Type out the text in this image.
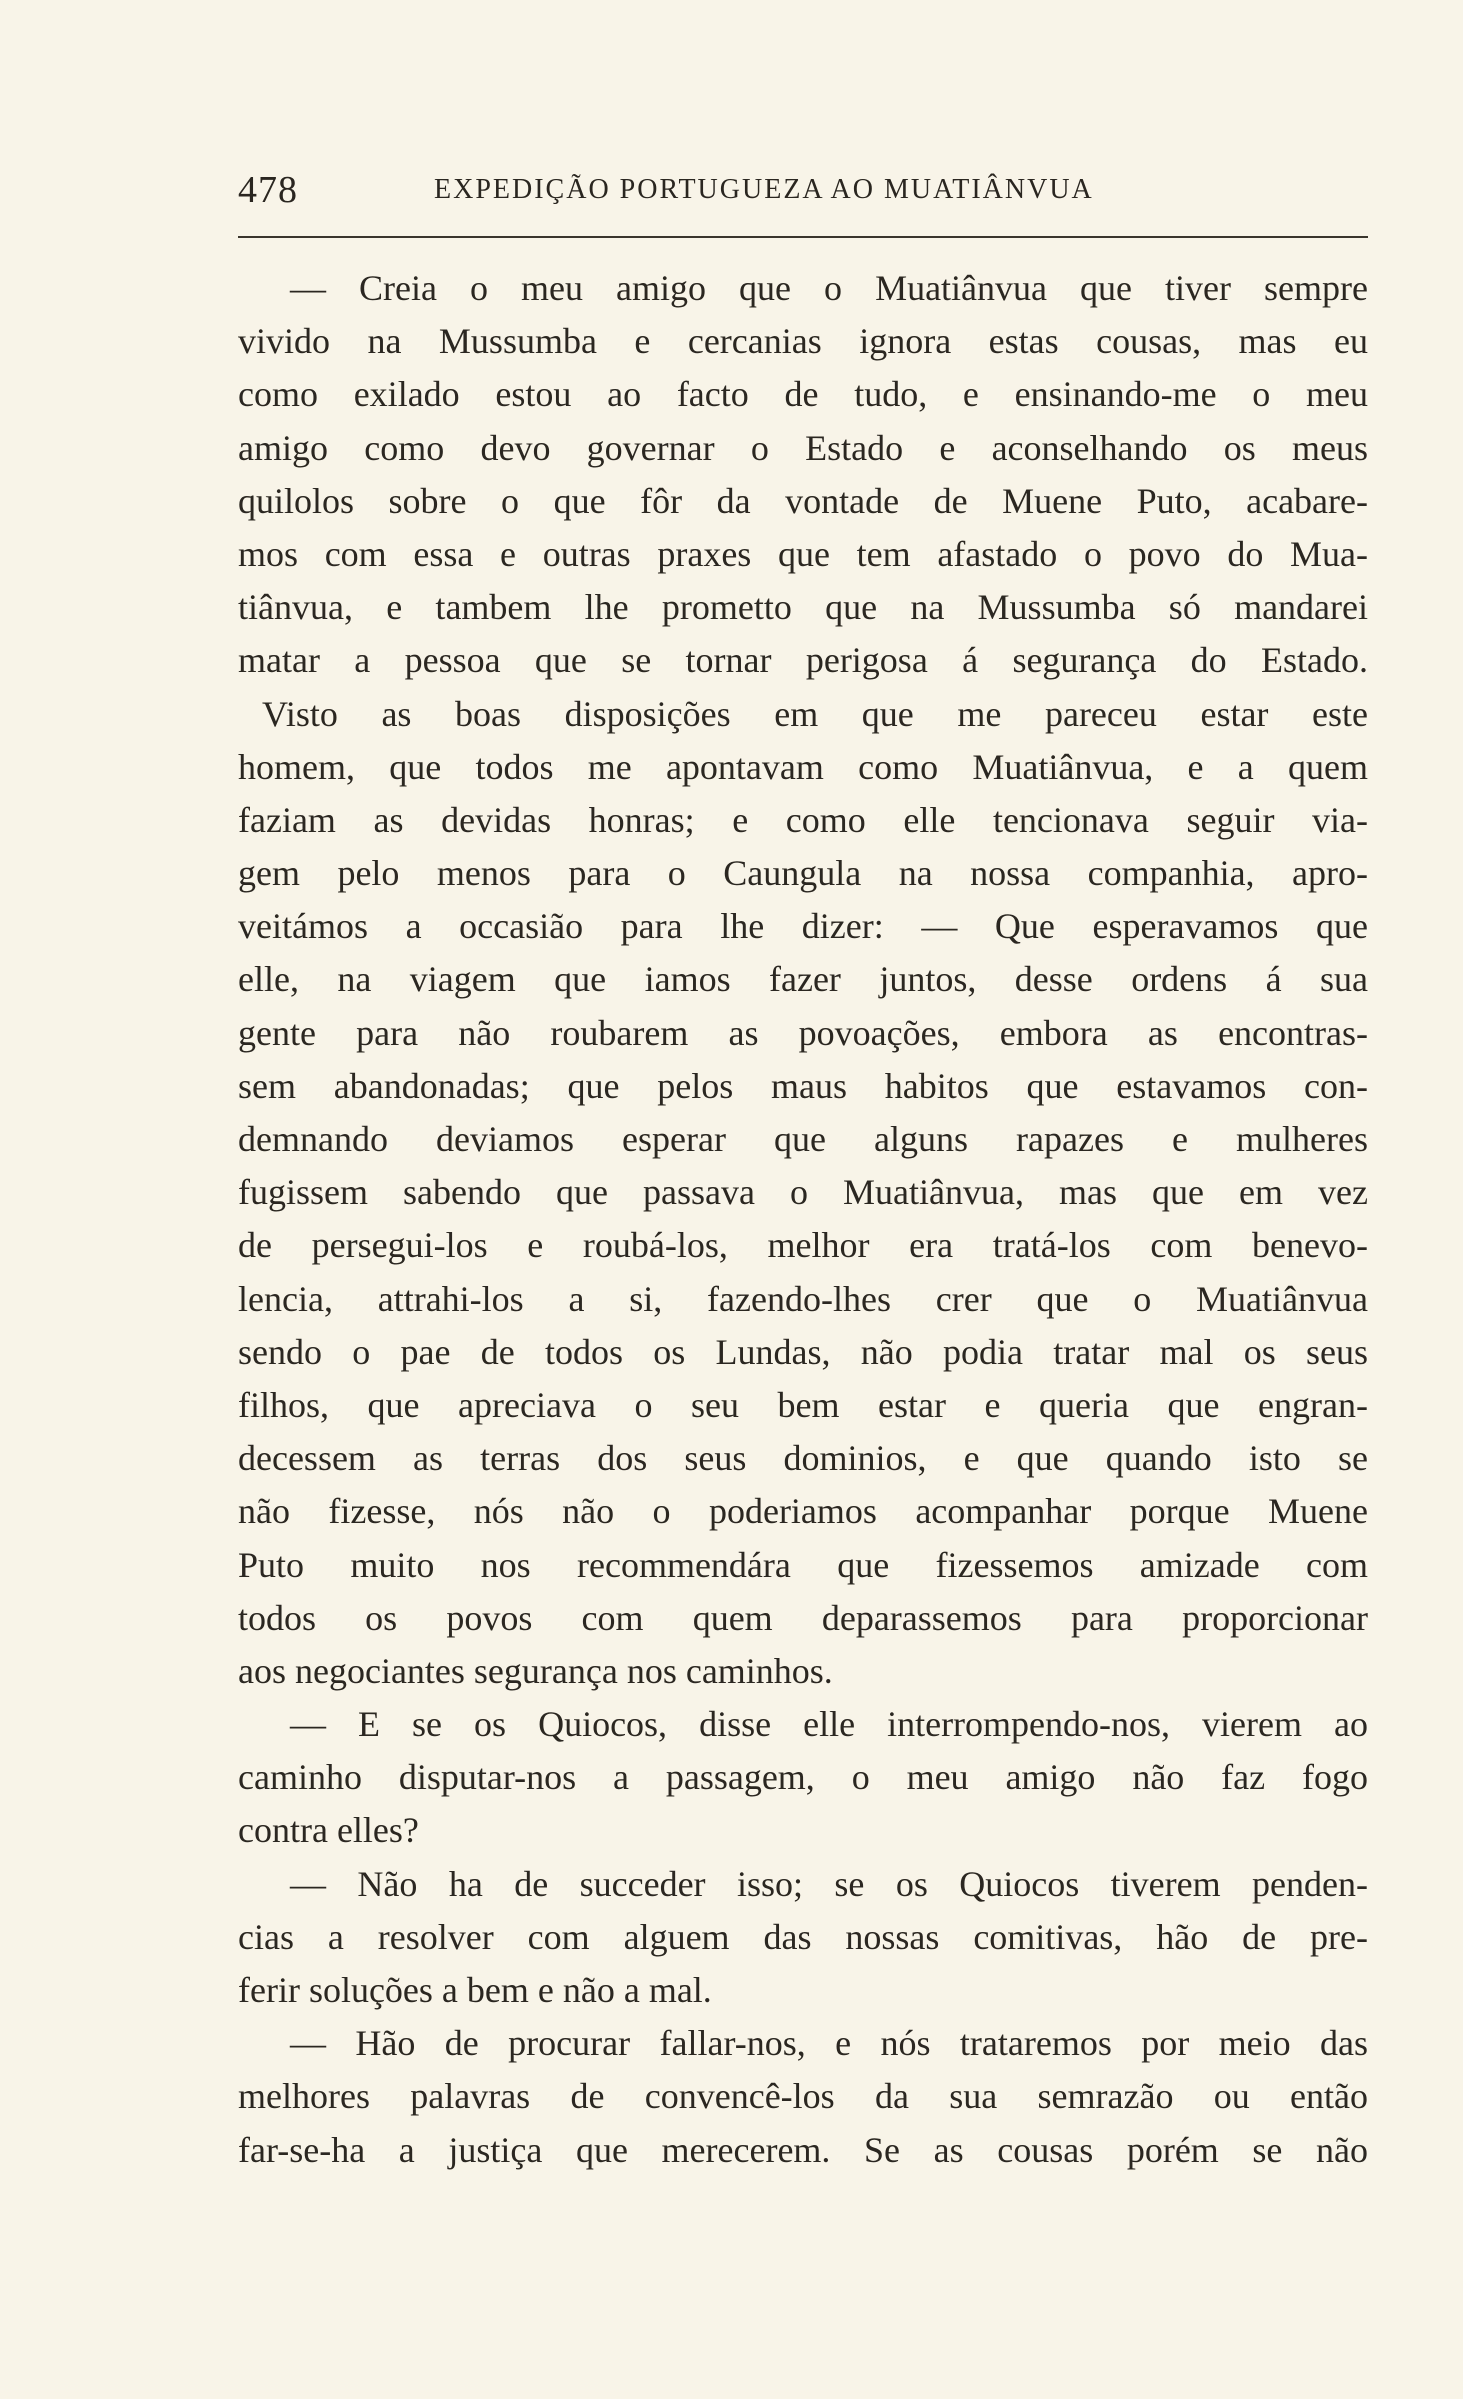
478	EXPEDIÇÃO PORTUGUEZA AO MUATIÂNVUA
— Creia o meu amigo que o Muatiânvua que tiver sempre
vivido na Mussumba e cercanias ignora estas cousas, mas eu
como exilado estou ao facto de tudo, e ensinando-me o meu
amigo como devo governar o Estado e aconselhando os meus
quilolos sobre o que fôr da vontade de Muene Puto, acabare-
mos com essa e outras praxes que tem afastado o povo do Mua-
tiânvua, e tambem lhe prometto que na Mussumba só mandarei
matar a pessoa que se tornar perigosa á segurança do Estado.
Visto as boas disposições em que me pareceu estar este
homem, que todos me apontavam como Muatiânvua, e a quem
faziam as devidas honras; e como elle tencionava seguir via-
gem pelo menos para o Caungula na nossa companhia, apro-
veitámos a occasião para lhe dizer: — Que esperavamos que
elle, na viagem que iamos fazer juntos, desse ordens á sua
gente para não roubarem as povoações, embora as encontras-
sem abandonadas; que pelos maus habitos que estavamos con-
demnando deviamos esperar que alguns rapazes e mulheres
fugissem sabendo que passava o Muatiânvua, mas que em vez
de persegui-los e roubá-los, melhor era tratá-los com benevo-
lencia, attrahi-los a si, fazendo-lhes crer que o Muatiânvua
sendo o pae de todos os Lundas, não podia tratar mal os seus
filhos, que apreciava o seu bem estar e queria que engran-
decessem as terras dos seus dominios, e que quando isto se
não fizesse, nós não o poderiamos acompanhar porque Muene
Puto muito nos recommendára que fizessemos amizade com
todos os povos com quem deparassemos para proporcionar
aos negociantes segurança nos caminhos.
— E se os Quiocos, disse elle interrompendo-nos, vierem ao
caminho disputar-nos a passagem, o meu amigo não faz fogo
contra elles?
— Não ha de succeder isso; se os Quiocos tiverem penden-
cias a resolver com alguem das nossas comitivas, hão de pre-
ferir soluções a bem e não a mal.
— Hão de procurar fallar-nos, e nós trataremos por meio das
melhores palavras de convencê-los da sua semrazão ou então
far-se-ha a justiça que merecerem. Se as cousas porém se não
